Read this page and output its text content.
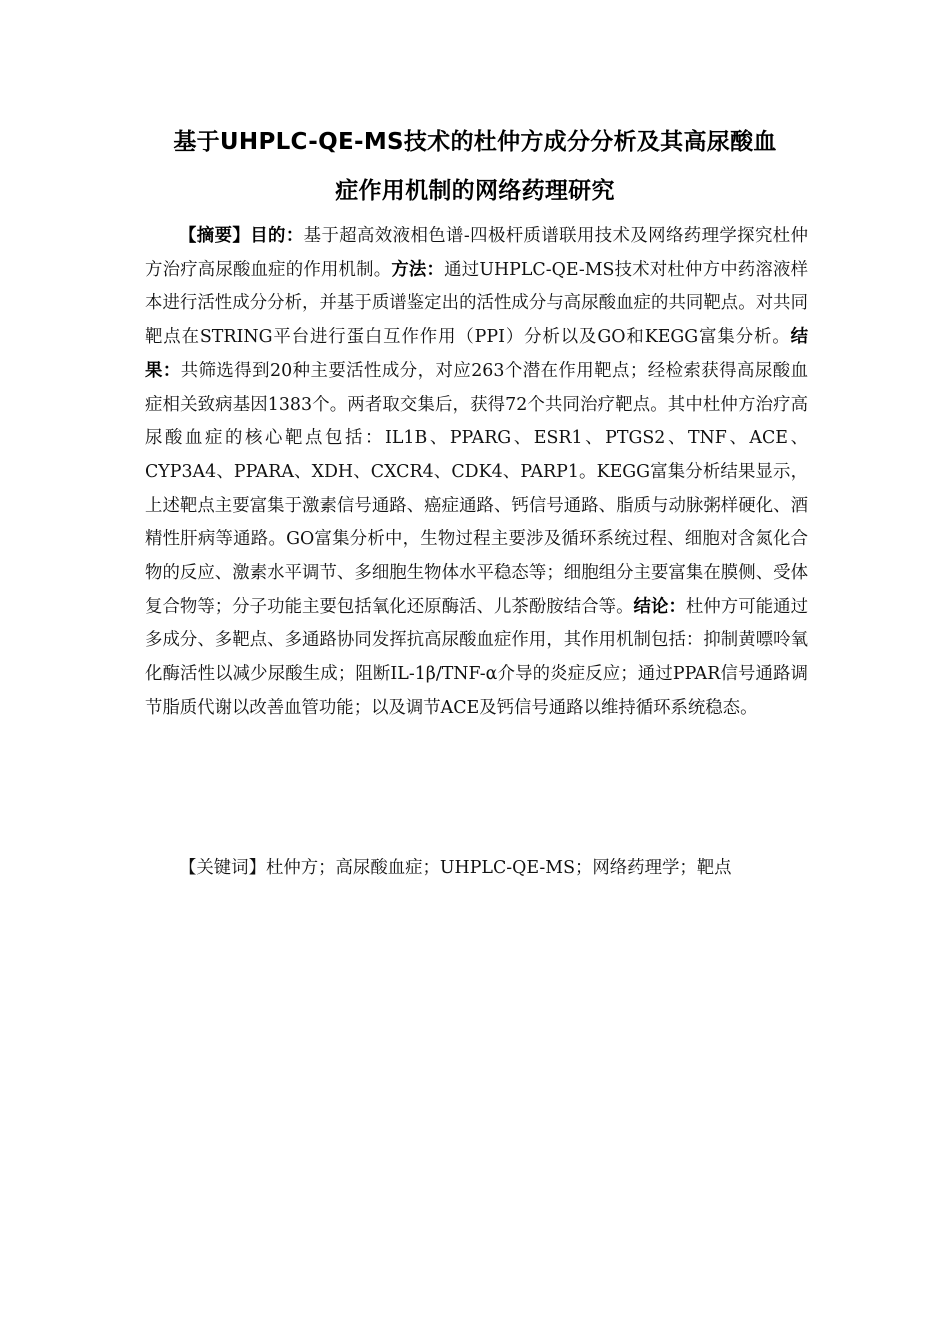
基于UHPLC-QE-MS技术的杜仲方成分分析及其高尿酸血
症作用机制的网络药理研究

【摘要】目的：基于超高效液相色谱-四极杆质谱联用技术及网络药理学探究杜仲方治疗高尿酸血症的作用机制。方法：通过UHPLC-QE-MS技术对杜仲方中药溶液样本进行活性成分分析，并基于质谱鉴定出的活性成分与高尿酸血症的共同靶点。对共同靶点在STRING平台进行蛋白互作作用（PPI）分析以及GO和KEGG富集分析。结果：共筛选得到20种主要活性成分，对应263个潜在作用靶点；经检索获得高尿酸血症相关致病基因1383个。两者取交集后，获得72个共同治疗靶点。其中杜仲方治疗高尿酸血症的核心靶点包括：IL1B、PPARG、ESR1、PTGS2、TNF、ACE、CYP3A4、PPARA、XDH、CXCR4、CDK4、PARP1。KEGG富集分析结果显示，上述靶点主要富集于激素信号通路、癌症通路、钙信号通路、脂质与动脉粥样硬化、酒精性肝病等通路。GO富集分析中，生物过程主要涉及循环系统过程、细胞对含氮化合物的反应、激素水平调节、多细胞生物体水平稳态等；细胞组分主要富集在膜侧、受体复合物等；分子功能主要包括氧化还原酶活、儿茶酚胺结合等。结论：杜仲方可能通过多成分、多靶点、多通路协同发挥抗高尿酸血症作用，其作用机制包括：抑制黄嘌呤氧化酶活性以减少尿酸生成；阻断IL-1β/TNF-α介导的炎症反应；通过PPAR信号通路调节脂质代谢以改善血管功能；以及调节ACE及钙信号通路以维持循环系统稳态。

【关键词】杜仲方；高尿酸血症；UHPLC-QE-MS；网络药理学；靶点
